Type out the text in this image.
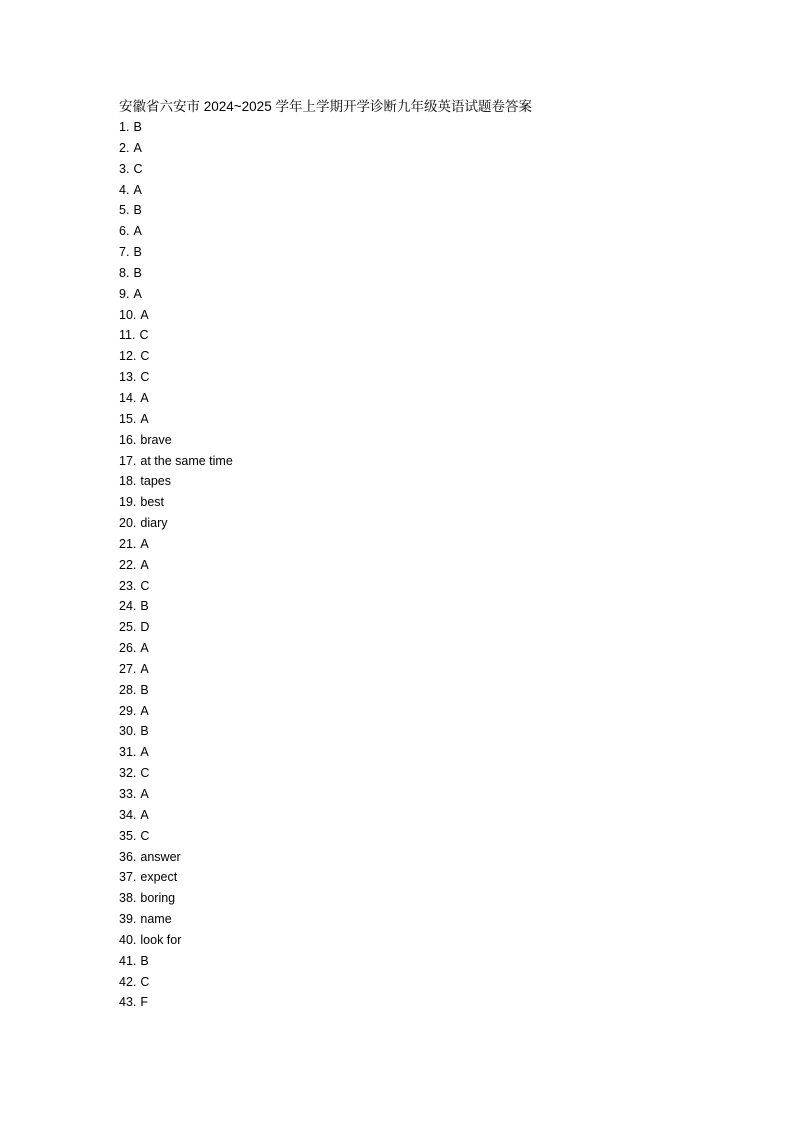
安徽省六安市 2024~2025 学年上学期开学诊断九年级英语试题卷答案
1. B
2. A
3. C
4. A
5. B
6. A
7. B
8. B
9. A
10. A
11. C
12. C
13. C
14. A
15. A
16. brave
17. at the same time
18. tapes
19. best
20. diary
21. A
22. A
23. C
24. B
25. D
26. A
27. A
28. B
29. A
30. B
31. A
32. C
33. A
34. A
35. C
36. answer
37. expect
38. boring
39. name
40. look for
41. B
42. C
43. F
